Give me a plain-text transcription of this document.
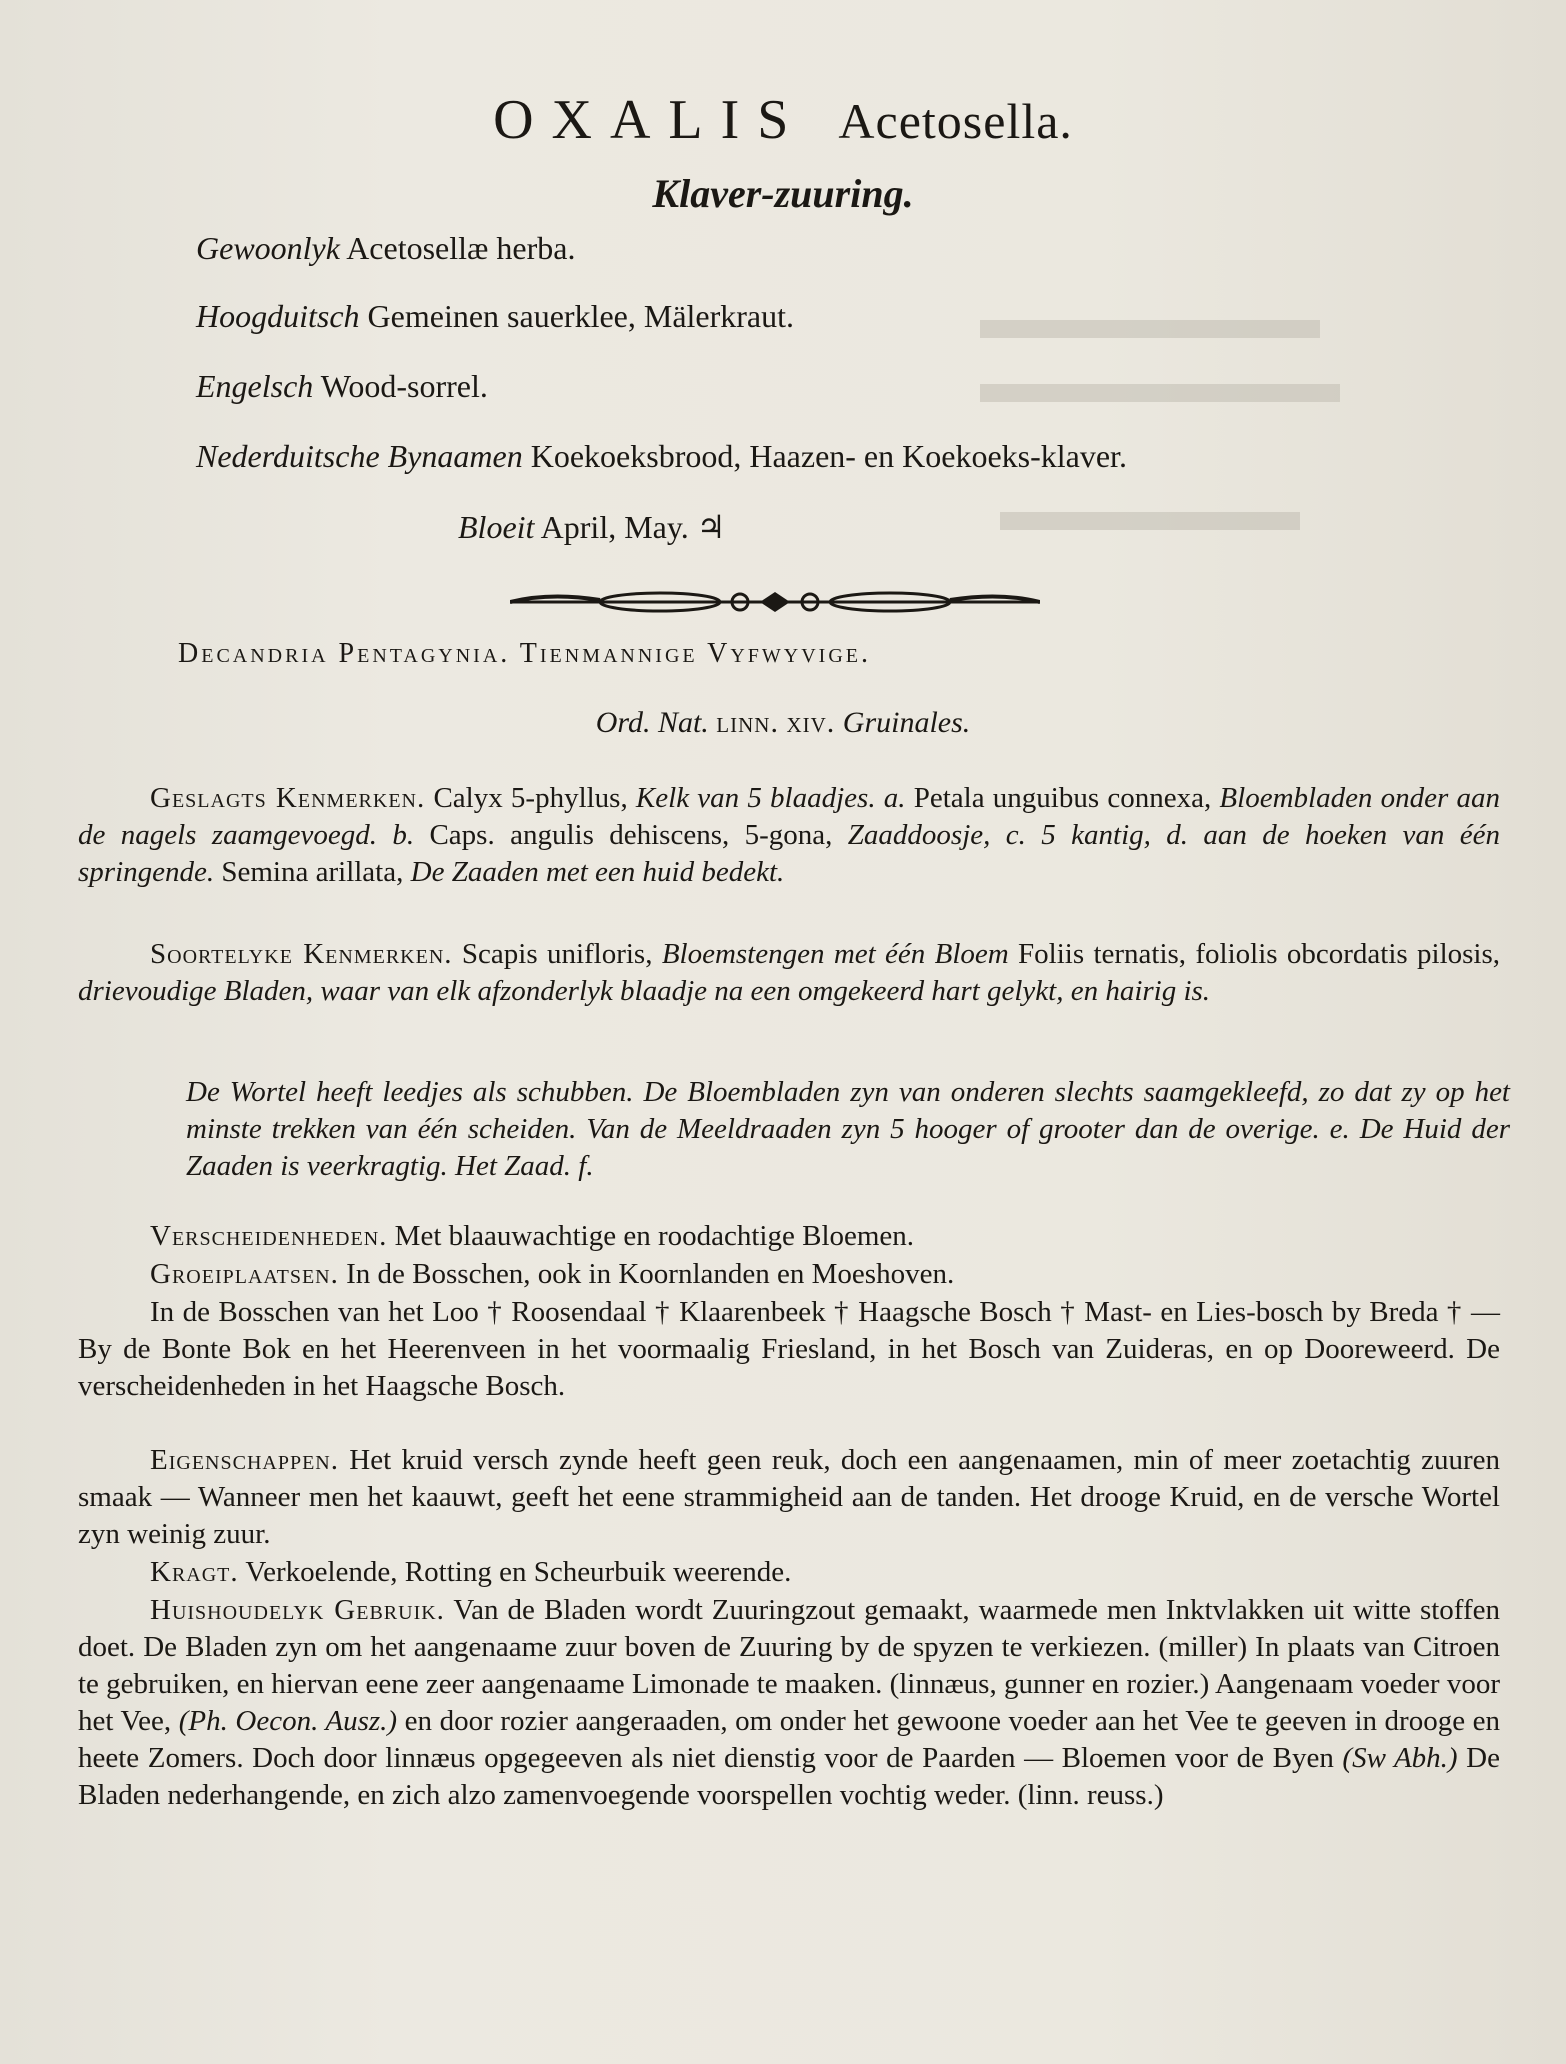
OXALIS Acetosella.
Klaver-zuuring.
Gewoonlyk Acetosellæ herba.
Hoogduitsch Gemeinen sauerklee, Mälerkraut.
Engelsch Wood-sorrel.
Nederduitsche Bynaamen Koekoeksbrood, Haazen- en Koekoeks-klaver.
Bloeit April, May. ♃
Decandria Pentagynia. Tienmannige Vyfwyvige.
Ord. Nat. linn. xiv. Gruinales.
Geslagts Kenmerken. Calyx 5-phyllus, Kelk van 5 blaadjes. a. Petala unguibus connexa, Bloembladen onder aan de nagels zaamgevoegd. b. Caps. angulis dehiscens, 5-gona, Zaaddoosje, c. 5 kantig, d. aan de hoeken van één springende. Semina arillata, De Zaaden met een huid bedekt.
Soortelyke Kenmerken. Scapis unifloris, Bloemstengen met één Bloem Foliis ternatis, foliolis obcordatis pilosis, drievoudige Bladen, waar van elk afzonderlyk blaadje na een omgekeerd hart gelykt, en hairig is.
De Wortel heeft leedjes als schubben. De Bloembladen zyn van onderen slechts saamgekleefd, zo dat zy op het minste trekken van één scheiden. Van de Meeldraaden zyn 5 hooger of grooter dan de overige. e. De Huid der Zaaden is veerkragtig. Het Zaad. f.
Verscheidenheden. Met blaauwachtige en roodachtige Bloemen.
Groeiplaatsen. In de Bosschen, ook in Koornlanden en Moeshoven.
In de Bosschen van het Loo † Roosendaal † Klaarenbeek † Haagsche Bosch † Mast- en Lies-bosch by Breda † — By de Bonte Bok en het Heerenveen in het voormaalig Friesland, in het Bosch van Zuideras, en op Dooreweerd. De verscheidenheden in het Haagsche Bosch.
Eigenschappen. Het kruid versch zynde heeft geen reuk, doch een aangenaamen, min of meer zoetachtig zuuren smaak — Wanneer men het kaauwt, geeft het eene strammigheid aan de tanden. Het drooge Kruid, en de versche Wortel zyn weinig zuur.
Kragt. Verkoelende, Rotting en Scheurbuik weerende.
Huishoudelyk Gebruik. Van de Bladen wordt Zuuringzout gemaakt, waarmede men Inktvlakken uit witte stoffen doet. De Bladen zyn om het aangenaame zuur boven de Zuuring by de spyzen te verkiezen. (miller) In plaats van Citroen te gebruiken, en hiervan eene zeer aangenaame Limonade te maaken. (linnæus, gunner en rozier.) Aangenaam voeder voor het Vee, (Ph. Oecon. Ausz.) en door rozier aangeraaden, om onder het gewoone voeder aan het Vee te geeven in drooge en heete Zomers. Doch door linnæus opgegeeven als niet dienstig voor de Paarden — Bloemen voor de Byen (Sw Abh.) De Bladen nederhangende, en zich alzo zamenvoegende voorspellen vochtig weder. (linn. reuss.)
